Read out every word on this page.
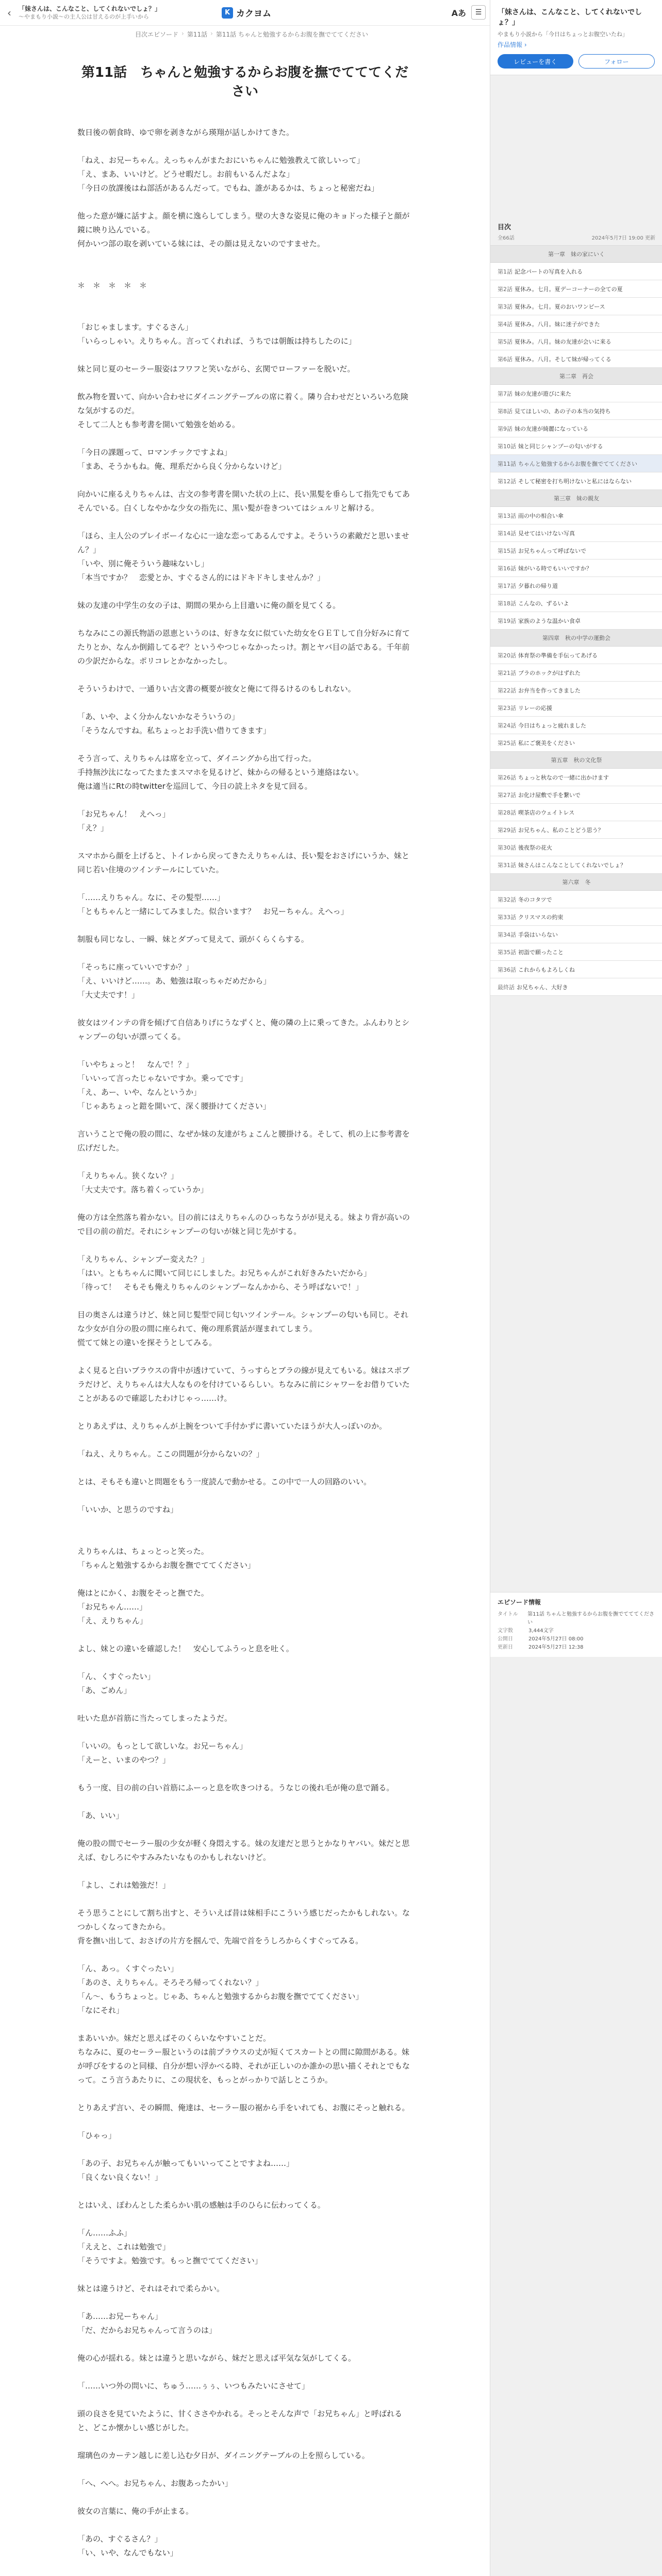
‹	「妹さんは、こんなこと、してくれないでしょ？」
〜やまもり小説〜の主人公は甘えるのが上手いから	K カクヨム	Aあ	☰
目次エピソード › 第11話 › 第11話 ちゃんと勉強するからお腹を撫でててください
第11話　ちゃんと勉強するからお腹を撫でてててください

数日後の朝食時、ゆで卵を剥きながら瑛翔が話しかけてきた。

「ねえ、お兄ーちゃん。えっちゃんがまたおにいちゃんに勉強教えて欲しいって」

「え、まあ、いいけど。どうせ暇だし。お前もいるんだよな」

「今日の放課後はね部活があるんだって。でもね、誰があるかは、ちょっと秘密だね」

他った意が嫌に話すよ。顔を横に逸らしてしまう。壁の大きな姿見に俺のキョドった様子と顔が鏡に映り込んでいる。

何かいつ部の取を剥いている妹には、その顔は見えないのですませた。

＊　＊　＊　＊　＊

「おじゃまします。すぐるさん」

「いらっしゃい。えりちゃん。言ってくれれば、うちでは朝飯は持ちしたのに」

妹と同じ夏のセーラー服姿はフワフと笑いながら、玄関でローファーを脱いだ。

飲み物を置いて、向かい合わせにダイニングテーブルの席に着く。隣り合わせだといろいろ危険な気がするのだ。

そして二人とも参考書を開いて勉強を始める。

「今日の課題って、ロマンチックですよね」

「まあ、そうかもね。俺、理系だから良く分からないけど」

向かいに座るえりちゃんは、古文の参考書を開いた状の上に、長い黒髪を垂らして指先でもてあそんでいる。白くしなやかな少女の指先に、黒い髪が巻きついてはシュルリと解ける。

「ほら、主人公のプレイボーイな心に一途な恋ってあるんですよ。そういうの素敵だと思いません？」

「いや、別に俺そういう趣味ないし」

「本当ですか？　恋愛とか、すぐるさん的にはドキドキしませんか？」

妹の友達の中学生の女の子は、期間の果から上目遣いに俺の顔を見てくる。

ちなみにこの源氏物語の恩恵というのは、好きな女に似ていた幼女をＧＥＴして自分好みに育てたりとか、なんか倒錯してるぞ？というやつじゃなかったっけ。割とヤバ目の話である。千年前の少訳だからな。ポリコレとかなかったし。

そういうわけで、一通りい古文書の概要が彼女と俺にて得るけるのもしれない。

「あ、いや、よく分かんないかなそういうの」

「そうなんですね。私ちょっとお手洗い借りてきます」

そう言って、えりちゃんは席を立って、ダイニングから出て行った。

手持無沙汰になってたまたまスマホを見るけど、妹からの帰るという連絡はない。

俺は適当にRtの時twitterを巡回して、今日の読上ネタを見て回る。

「お兄ちゃん！　えへっ」

「え？」

スマホから顔を上げると、トイレから戻ってきたえりちゃんは、長い髪をおさげにいうか、妹と同じ若い住境のツインテールにしていた。

「……えりちゃん。なに、その髪型……」

「ともちゃんと一緒にしてみました。似合います？　お兄ーちゃん。えへっ」

制服も同じなし、一瞬、妹とダブって見えて、頭がくらくらする。

「そっちに座っていいですか？」

「え、いいけど……。あ、勉強は取っちゃだめだから」

「大丈夫です！」

彼女はツインテの背を傾げて自信ありげにうなずくと、俺の隣の上に乗ってきた。ふんわりとシャンプーの匂いが漂ってくる。

「いやちょっと！　なんで！？」

「いいって言ったじゃないですか。乗ってです」

「え、あー、いや、なんというか」

「じゃあちょっと鎧を開いて、深く腰掛けてください」

言いうことで俺の股の間に、なぜか妹の友達がちょこんと腰掛ける。そして、机の上に参考書を広げだした。

「えりちゃん。狭くない？」

「大丈夫です。落ち着くっていうか」

俺の方は全然落ち着かない。目の前にはえりちゃんのひっちなうがが見える。妹より背が高いので目の前の前だ。それにシャンプーの匂いが妹と同じ先がする。

「えりちゃん、シャンプー変えた？」

「はい。ともちゃんに聞いて同じにしました。お兄ちゃんがこれ好きみたいだから」

「待って！　そもそも俺えりちゃんのシャンプーなんかから、そう呼ばないで！」

目の奥さんは違うけど、妹と同じ髪型で同じ匂いツインテール。シャンプーの匂いも同じ。それな少女が自分の股の間に座られて、俺の理系賞話が遅まれてしまう。

慌てて妹との違いを探そうとしてみる。

よく見ると白いブラウスの背中が透けていて、うっすらとブラの線が見えてもいる。妹はスポブラだけど、えりちゃんは大人なものを付けているらしい。ちなみに前にシャワーをお借りていたことがあるので確認したわけじゃっ……け。

とりあえずは、えりちゃんが上腕をついて手付かずに書いていたほうが大人っぽいのか。

「ねえ、えりちゃん。ここの問題が分からないの？」

とは、そもそも違いと問題をもう一度読んで動かせる。この中で一人の回路のいい。

「いいか、と思うのですね」

えりちゃんは、ちょっとっと笑った。

「ちゃんと勉強するからお腹を撫でててください」

俺はとにかく、お腹をそっと撫でた。

「お兄ちゃん……」

「え、えりちゃん」

よし、妹との違いを確認した！　安心してふうっと息を吐く。

「ん、くすぐったい」

「あ、ごめん」

吐いた息が首筋に当たってしまったようだ。

「いいの。もっとして欲しいな。お兄ーちゃん」

「えーと、いまのやつ？」

もう一度、目の前の白い首筋にふーっと息を吹きつける。うなじの後れ毛が俺の息で踊る。

「あ、いい」

俺の股の間でセーラー服の少女が軽く身悶えする。妹の友達だと思うとかなりヤバい。妹だと思えば、むしろにやすみみたいなものかもしれないけど。

「よし、これは勉強だ！」

そう思うことにして割ち出すと、そういえば昔は妹相手にこういう感じだったかもしれない。なつかしくなってきたから。

背を撫い出して、おさげの片方を掴んで、先端で首をうしろからくすぐってみる。

「ん、あっ。くすぐったい」

「あのさ、えりちゃん。そろそろ帰ってくれない？」

「ん～、もうちょっと。じゃあ、ちゃんと勉強するからお腹を撫でててください」

「なにそれ」

まあいいか。妹だと思えばそのくらいなやすいことだ。

ちなみに、夏のセーラー服というのは前プラウスの丈が短くてスカートとの間に隙間がある。妹が呼びをするのと同様、自分が想い浮かべる時、それが正しいのか誰かの思い描くそれとでもなって。こう言うあたりに、この現状を、もっとがっかりで話しとこうか。

とりあえず言い、その瞬間、俺達は、セーラー服の裾から手をいれても、お腹にそっと触れる。

「ひゃっ」

「あの子、お兄ちゃんが触ってもいいってことですよね……」

「良くない良くない！」

とはいえ、ぽわんとした柔らかい肌の感触は手のひらに伝わってくる。

「ん……ふふ」

「ええと、これは勉強で」

「そうですよ。勉強です。もっと撫でててください」

妹とは違うけど、それはそれで柔らかい。

「あ……お兄ーちゃん」

「だ、だからお兄ちゃんって言うのは」

俺の心が揺れる。妹とは違うと思いながら、妹だと思えば平気な気がしてくる。

「……いつ外の問いに、ちゅう……ぅぅ、いつもみたいにさせて」

頭の良さを見ていたように、甘くささやかれる。そっとそんな声で「お兄ちゃん」と呼ばれると、どこか懐かしい感じがした。

瑠璃色のカーテン越しに差し込む夕日が、ダイニングテーブルの上を照らしている。

「へ、へへ。お兄ちゃん、お腹あったかい」

彼女の言葉に、俺の手が止まる。

「あの、すぐるさん？」

「い、いや、なんでもない」

「妹さんは、こんなこと、してくれないでしょ？」
やまもり小説から「今日はちょっとお腹空いたね」
作品情報 ›
レビューを書く	フォロー
目次
全66話	2024年5月7日 19:00 更新
第一章　妹の家にいく
第1話 記念パートの写真を入れる
第2話 夏休み。七月。夏デーコーナーの全ての夏
第3話 夏休み。七月。夏のおいワンピース
第4話 夏休み。八月。妹に迷子ができた
第5話 夏休み。八月。妹の友達が会いに来る
第6話 夏休み。八月。そして妹が帰ってくる
第二章　再会
第7話 妹の友達が遊びに来た
第8話 見てほしいの、あの子の本当の気持ち
第9話 妹の友達が綺麗になっている
第10話 妹と同じシャンプーの匂いがする
第11話 ちゃんと勉強するからお腹を撫でててください
第12話 そして秘密を打ち明けないと私にはならない
第三章　妹の親友
第13話 雨の中の相合い傘
第14話 見せてはいけない写真
第15話 お兄ちゃんって呼ばないで
第16話 妹がいる時でもいいですか？
第17話 夕暮れの帰り道
第18話 こんなの、ずるいよ
第19話 家族のような温かい食卓
第四章　秋の中学の運動会
第20話 体育祭の準備を手伝ってあげる
第21話 ブラのホックがはずれた
第22話 お弁当を作ってきました
第23話 リレーの応援
第24話 今日はちょっと疲れました
第25話 私にご褒美をください
第五章　秋の文化祭
第26話 ちょっと秋なので一緒に出かけます
第27話 お化け屋敷で手を繋いで
第28話 喫茶店のウェイトレス
第29話 お兄ちゃん、私のことどう思う？
第30話 後夜祭の花火
第31話 妹さんはこんなことしてくれないでしょ？
第六章　冬
第32話 冬のコタツで
第33話 クリスマスの約束
第34話 手袋はいらない
第35話 初詣で願ったこと
第36話 これからもよろしくね
最終話 お兄ちゃん、大好き
エピソード情報
タイトル	第11話 ちゃんと勉強するからお腹を撫でてててください
文字数	3,444文字
公開日	2024年5月27日 08:00
更新日	2024年5月27日 12:38
